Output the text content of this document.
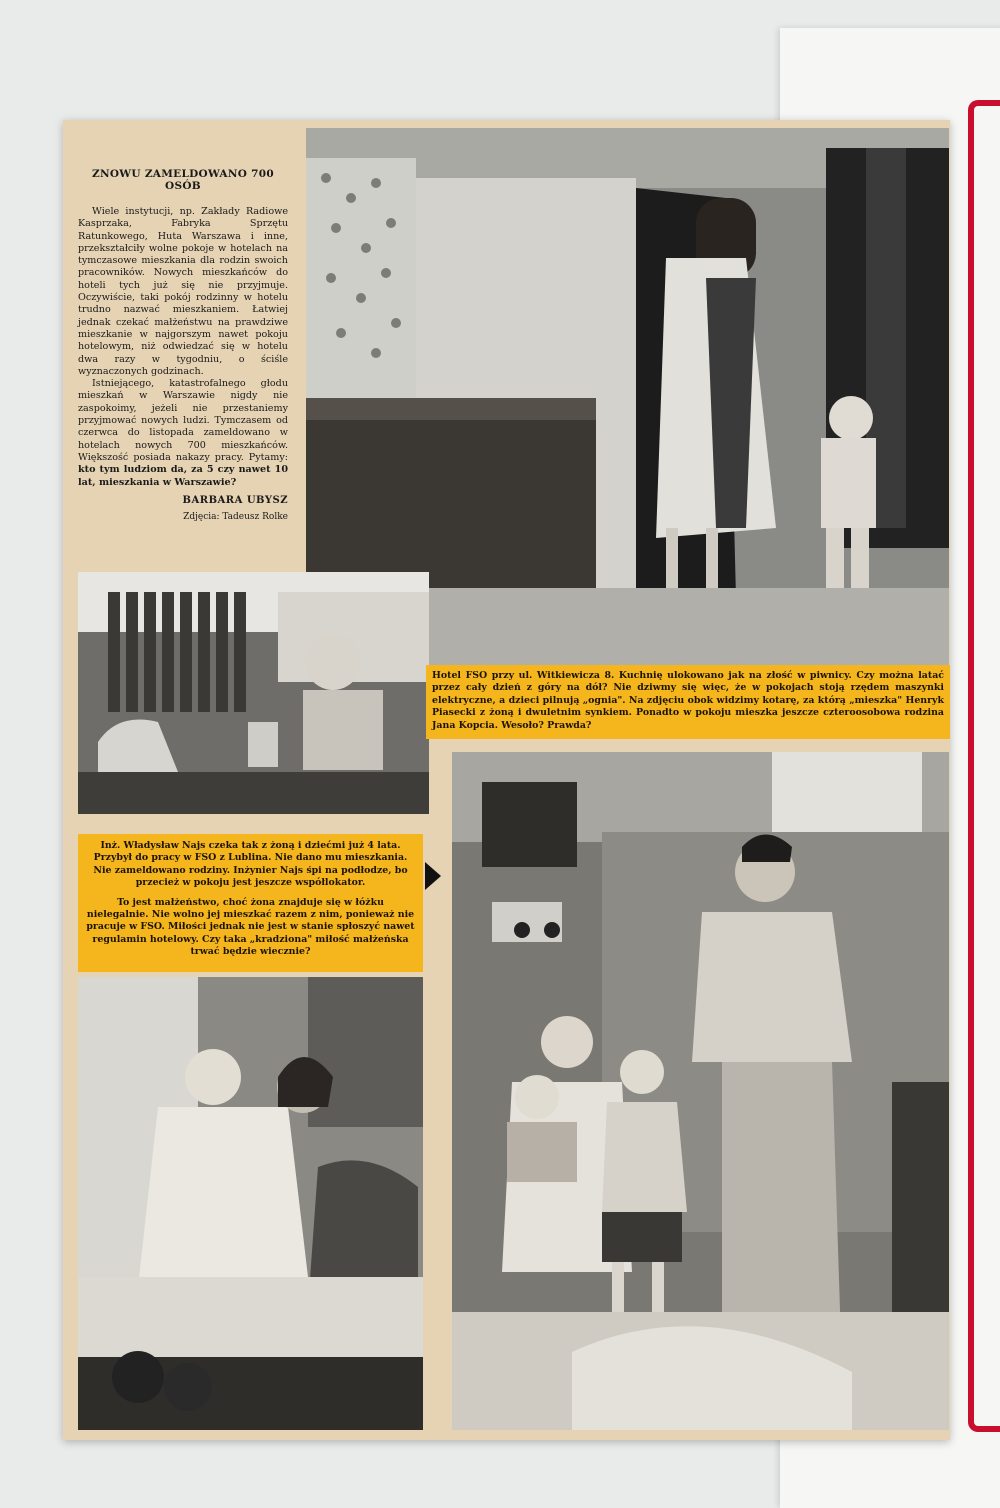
ZNOWU ZAMELDOWANO 700 OSÓB

Wiele instytucji, np. Zakłady Radiowe Kasprzaka, Fabryka Sprzętu Ratunkowego, Huta Warszawa i inne, przekształciły wolne pokoje w hotelach na tymczasowe mieszkania dla rodzin swoich pracowników. Nowych mieszkańców do hoteli tych już się nie przyjmuje. Oczywiście, taki pokój rodzinny w hotelu trudno nazwać mieszkaniem. Łatwiej jednak czekać małżeństwu na prawdziwe mieszkanie w najgorszym nawet pokoju hotelowym, niż odwiedzać się w hotelu dwa razy w tygodniu, o ściśle wyznaczonych godzinach.

Istniejącego, katastrofalnego głodu mieszkań w Warszawie nigdy nie zaspokoimy, jeżeli nie przestaniemy przyjmować nowych ludzi. Tymczasem od czerwca do listopada zameldowano w hotelach nowych 700 mieszkańców. Większość posiada nakazy pracy. Pytamy: kto tym ludziom da, za 5 czy nawet 10 lat, mieszkania w Warszawie?

BARBARA UBYSZ
Zdjęcia: Tadeusz Rolke
Hotel FSO przy ul. Witkiewicza 8. Kuchnię ulokowano jak na złość w piwnicy. Czy można latać przez cały dzień z góry na dół? Nie dziwmy się więc, że w pokojach stoją rzędem maszynki elektryczne, a dzieci pilnują „ognia". Na zdjęciu obok widzimy kotarę, za którą „mieszka" Henryk Piasecki z żoną i dwuletnim synkiem. Ponadto w pokoju mieszka jeszcze czteroosobowa rodzina Jana Kopcia. Wesoło? Prawda?

Inż. Władysław Najs czeka tak z żoną i dziećmi już 4 lata. Przybył do pracy w FSO z Lublina. Nie dano mu mieszkania. Nie zameldowano rodziny. Inżynier Najs śpi na podłodze, bo przecież w pokoju jest jeszcze współlokator.

To jest małżeństwo, choć żona znajduje się w łóżku nielegalnie. Nie wolno jej mieszkać razem z nim, ponieważ nie pracuje w FSO. Miłości jednak nie jest w stanie spłoszyć nawet regulamin hotelowy. Czy taka „kradziona" miłość małżeńska trwać będzie wiecznie?
